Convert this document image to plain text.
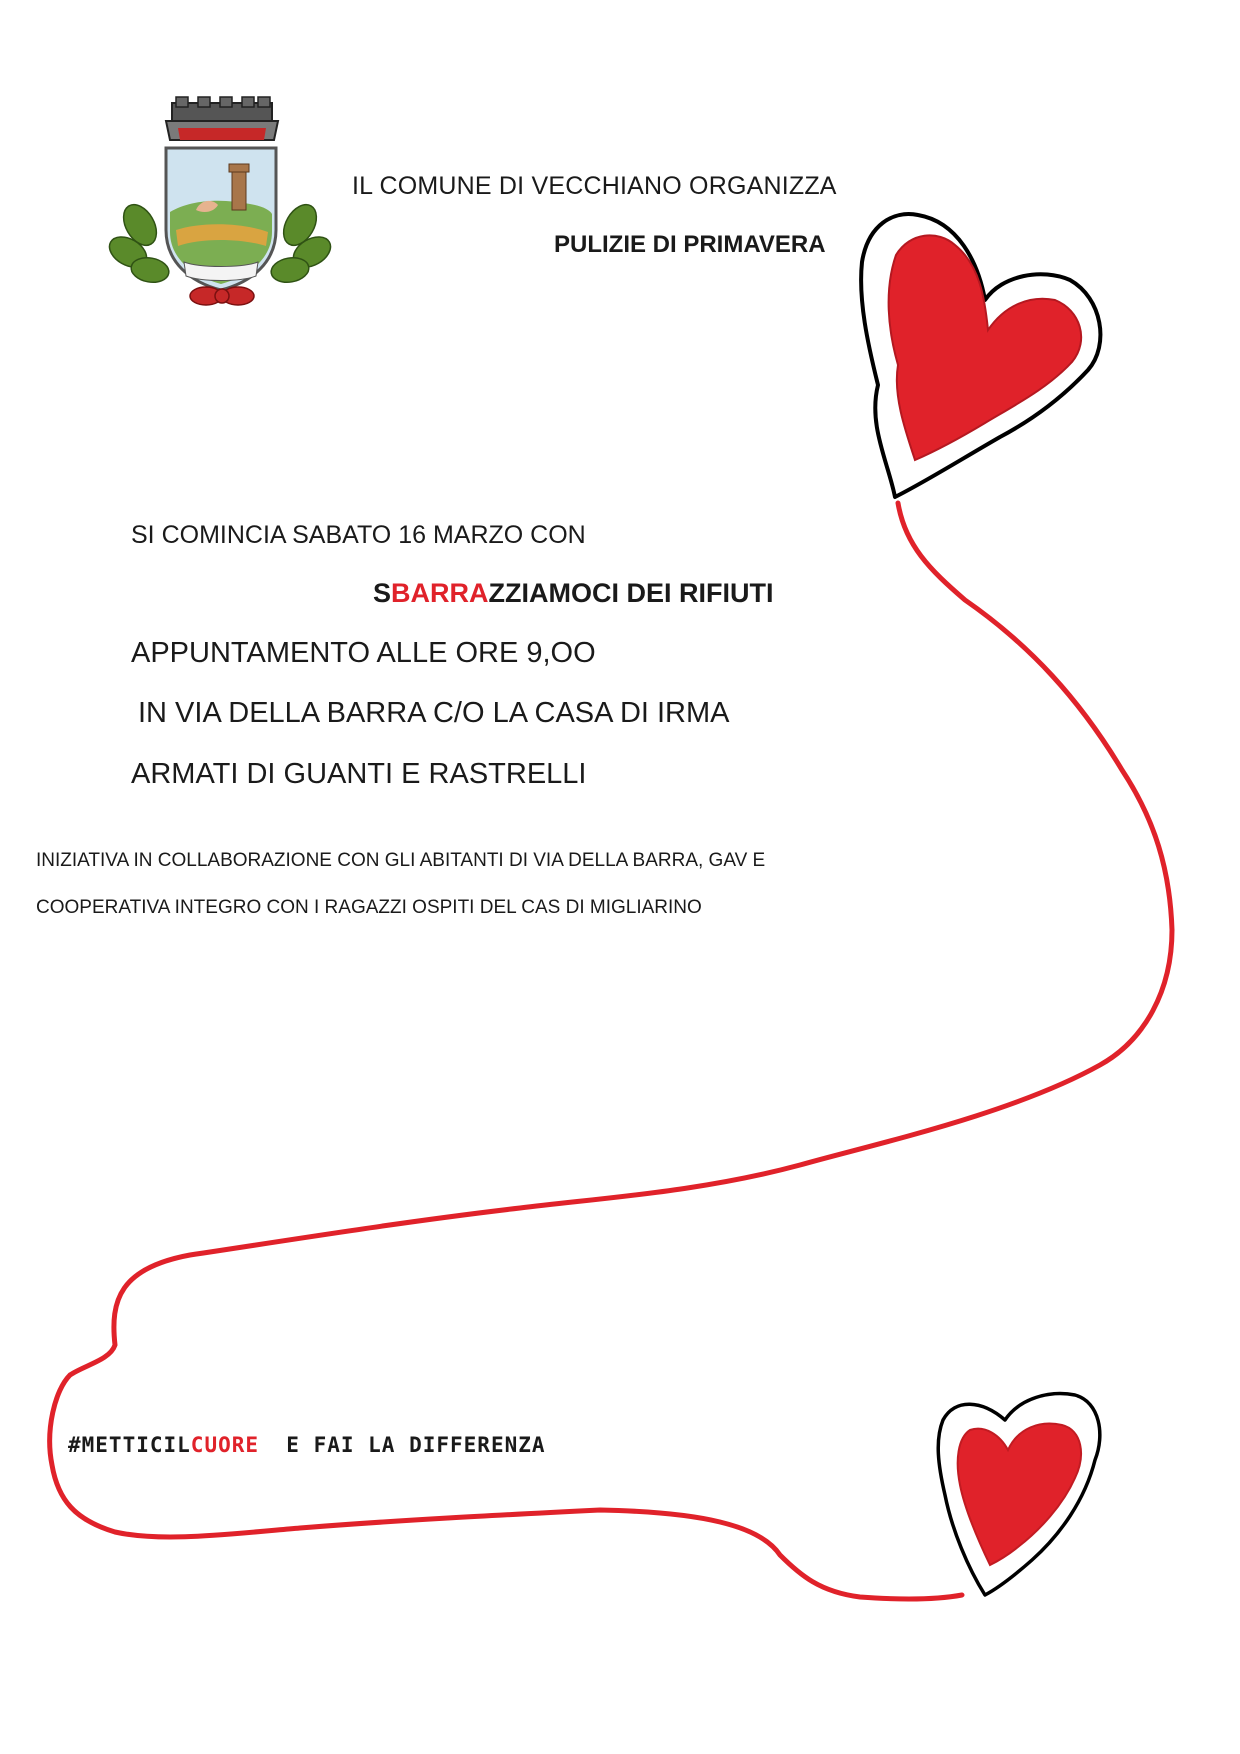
IL COMUNE DI VECCHIANO ORGANIZZA

PULIZIE DI PRIMAVERA

SI COMINCIA SABATO 16 MARZO CON

SBARRAZZIAMOCI DEI RIFIUTI

APPUNTAMENTO ALLE ORE 9,OO

IN VIA DELLA BARRA C/O LA CASA DI IRMA

ARMATI DI GUANTI E RASTRELLI

INIZIATIVA IN COLLABORAZIONE CON GLI ABITANTI DI VIA DELLA BARRA, GAV E

COOPERATIVA INTEGRO CON I RAGAZZI OSPITI DEL CAS DI MIGLIARINO

#METTICILCUORE  E FAI LA DIFFERENZA
